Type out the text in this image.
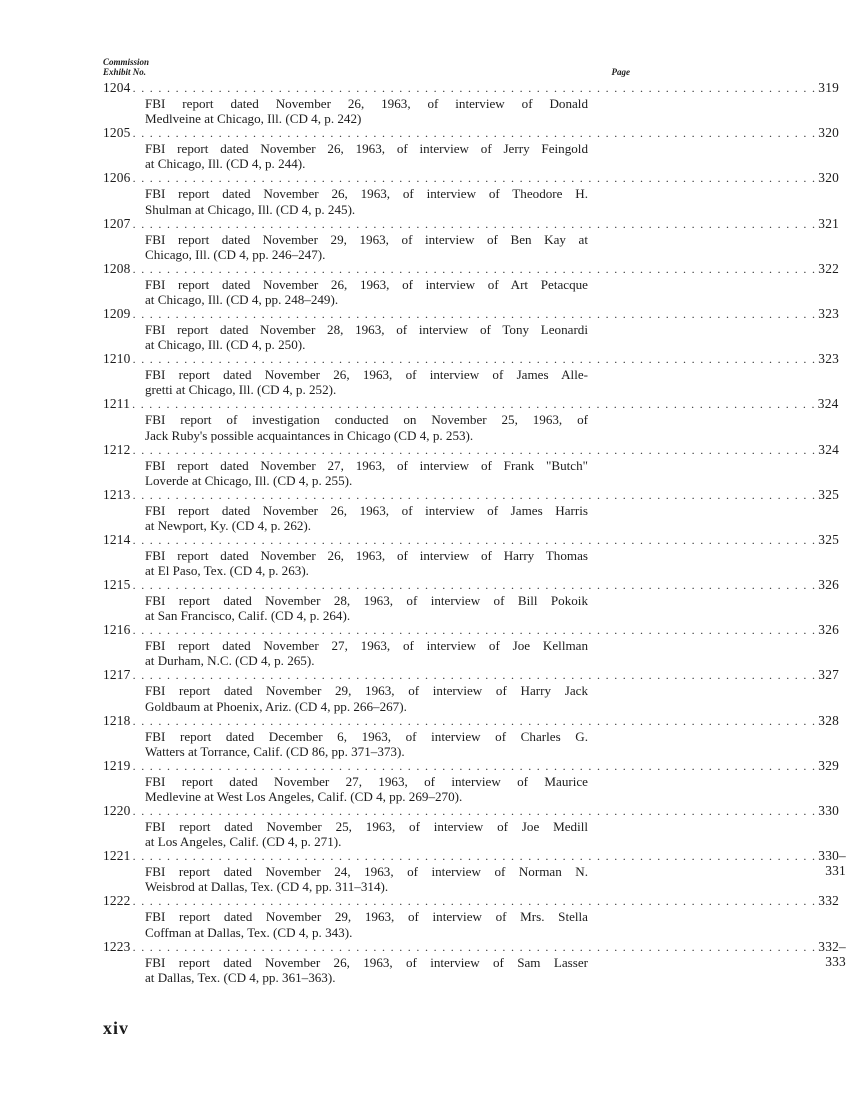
Commission
Exhibit No.	Page
1204 . . . . . . . . . . . . . . . . . . . . . . . . . . . . . . . . . . . . . . . . . . . . . . . . . . . . . . . . . . . . . . . . . . . . . . . . . . . . . . . . 319
FBI report dated November 26, 1963, of interview of Donald
Medlveine at Chicago, Ill. (CD 4, p. 242)
1205 . . . . . . . . . . . . . . . . . . . . . . . . . . . . . . . . . . . . . . . . . . . . . . . . . . . . . . . . . . . . . . . . . . . . . . . . . . . . . . . . 320
FBI report dated November 26, 1963, of interview of Jerry Feingold
at Chicago, Ill. (CD 4, p. 244).
1206 . . . . . . . . . . . . . . . . . . . . . . . . . . . . . . . . . . . . . . . . . . . . . . . . . . . . . . . . . . . . . . . . . . . . . . . . . . . . . . . . 320
FBI report dated November 26, 1963, of interview of Theodore H.
Shulman at Chicago, Ill. (CD 4, p. 245).
1207 . . . . . . . . . . . . . . . . . . . . . . . . . . . . . . . . . . . . . . . . . . . . . . . . . . . . . . . . . . . . . . . . . . . . . . . . . . . . . . . . 321
FBI report dated November 29, 1963, of interview of Ben Kay at
Chicago, Ill. (CD 4, pp. 246–247).
1208 . . . . . . . . . . . . . . . . . . . . . . . . . . . . . . . . . . . . . . . . . . . . . . . . . . . . . . . . . . . . . . . . . . . . . . . . . . . . . . . . 322
FBI report dated November 26, 1963, of interview of Art Petacque
at Chicago, Ill. (CD 4, pp. 248–249).
1209 . . . . . . . . . . . . . . . . . . . . . . . . . . . . . . . . . . . . . . . . . . . . . . . . . . . . . . . . . . . . . . . . . . . . . . . . . . . . . . . . 323
FBI report dated November 28, 1963, of interview of Tony Leonardi
at Chicago, Ill. (CD 4, p. 250).
1210 . . . . . . . . . . . . . . . . . . . . . . . . . . . . . . . . . . . . . . . . . . . . . . . . . . . . . . . . . . . . . . . . . . . . . . . . . . . . . . . . 323
FBI report dated November 26, 1963, of interview of James Alle-
gretti at Chicago, Ill. (CD 4, p. 252).
1211 . . . . . . . . . . . . . . . . . . . . . . . . . . . . . . . . . . . . . . . . . . . . . . . . . . . . . . . . . . . . . . . . . . . . . . . . . . . . . . . . 324
FBI report of investigation conducted on November 25, 1963, of
Jack Ruby's possible acquaintances in Chicago (CD 4, p. 253).
1212 . . . . . . . . . . . . . . . . . . . . . . . . . . . . . . . . . . . . . . . . . . . . . . . . . . . . . . . . . . . . . . . . . . . . . . . . . . . . . . . . 324
FBI report dated November 27, 1963, of interview of Frank "Butch"
Loverde at Chicago, Ill. (CD 4, p. 255).
1213 . . . . . . . . . . . . . . . . . . . . . . . . . . . . . . . . . . . . . . . . . . . . . . . . . . . . . . . . . . . . . . . . . . . . . . . . . . . . . . . . 325
FBI report dated November 26, 1963, of interview of James Harris
at Newport, Ky. (CD 4, p. 262).
1214 . . . . . . . . . . . . . . . . . . . . . . . . . . . . . . . . . . . . . . . . . . . . . . . . . . . . . . . . . . . . . . . . . . . . . . . . . . . . . . . . 325
FBI report dated November 26, 1963, of interview of Harry Thomas
at El Paso, Tex. (CD 4, p. 263).
1215 . . . . . . . . . . . . . . . . . . . . . . . . . . . . . . . . . . . . . . . . . . . . . . . . . . . . . . . . . . . . . . . . . . . . . . . . . . . . . . . . 326
FBI report dated November 28, 1963, of interview of Bill Pokoik
at San Francisco, Calif. (CD 4, p. 264).
1216 . . . . . . . . . . . . . . . . . . . . . . . . . . . . . . . . . . . . . . . . . . . . . . . . . . . . . . . . . . . . . . . . . . . . . . . . . . . . . . . . 326
FBI report dated November 27, 1963, of interview of Joe Kellman
at Durham, N.C. (CD 4, p. 265).
1217 . . . . . . . . . . . . . . . . . . . . . . . . . . . . . . . . . . . . . . . . . . . . . . . . . . . . . . . . . . . . . . . . . . . . . . . . . . . . . . . . 327
FBI report dated November 29, 1963, of interview of Harry Jack
Goldbaum at Phoenix, Ariz. (CD 4, pp. 266–267).
1218 . . . . . . . . . . . . . . . . . . . . . . . . . . . . . . . . . . . . . . . . . . . . . . . . . . . . . . . . . . . . . . . . . . . . . . . . . . . . . . . . 328
FBI report dated December 6, 1963, of interview of Charles G.
Watters at Torrance, Calif. (CD 86, pp. 371–373).
1219 . . . . . . . . . . . . . . . . . . . . . . . . . . . . . . . . . . . . . . . . . . . . . . . . . . . . . . . . . . . . . . . . . . . . . . . . . . . . . . . . 329
FBI report dated November 27, 1963, of interview of Maurice
Medlevine at West Los Angeles, Calif. (CD 4, pp. 269–270).
1220 . . . . . . . . . . . . . . . . . . . . . . . . . . . . . . . . . . . . . . . . . . . . . . . . . . . . . . . . . . . . . . . . . . . . . . . . . . . . . . . . 330
FBI report dated November 25, 1963, of interview of Joe Medill
at Los Angeles, Calif. (CD 4, p. 271).
1221 . . . . . . . . . . . . . . . . . . . . . . . . . . . . . . . . . . . . . . . . . . . . . . . . . . . . . . . . . . . . . . . . . . . . . . . . . . . . . . . . 330–331
FBI report dated November 24, 1963, of interview of Norman N.
Weisbrod at Dallas, Tex. (CD 4, pp. 311–314).
1222 . . . . . . . . . . . . . . . . . . . . . . . . . . . . . . . . . . . . . . . . . . . . . . . . . . . . . . . . . . . . . . . . . . . . . . . . . . . . . . . . 332
FBI report dated November 29, 1963, of interview of Mrs. Stella
Coffman at Dallas, Tex. (CD 4, p. 343).
1223 . . . . . . . . . . . . . . . . . . . . . . . . . . . . . . . . . . . . . . . . . . . . . . . . . . . . . . . . . . . . . . . . . . . . . . . . . . . . . . . . 332–333
FBI report dated November 26, 1963, of interview of Sam Lasser
at Dallas, Tex. (CD 4, pp. 361–363).
xiv
